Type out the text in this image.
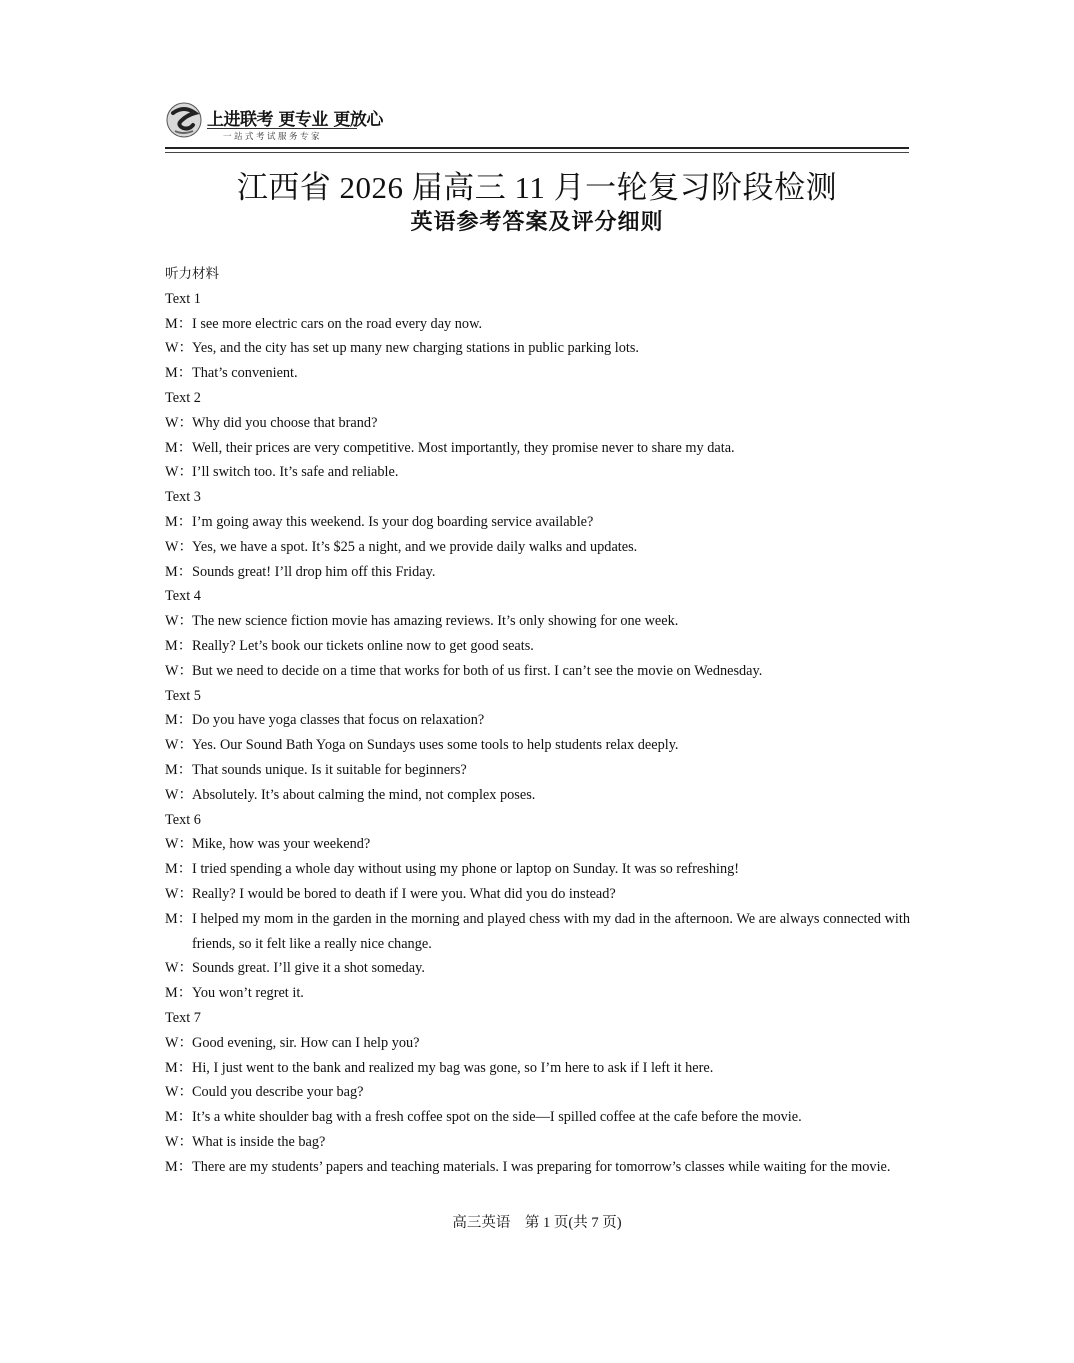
上进联考 更专业 更放心
一站式考试服务专家
江西省 2026 届高三 11 月一轮复习阶段检测
英语参考答案及评分细则
听力材料
Text 1
M： I see more electric cars on the road every day now.
W： Yes, and the city has set up many new charging stations in public parking lots.
M： That’s convenient.
Text 2
W： Why did you choose that brand?
M： Well, their prices are very competitive. Most importantly, they promise never to share my data.
W： I’ll switch too. It’s safe and reliable.
Text 3
M： I’m going away this weekend. Is your dog boarding service available?
W： Yes, we have a spot. It’s $25 a night, and we provide daily walks and updates.
M： Sounds great! I’ll drop him off this Friday.
Text 4
W： The new science fiction movie has amazing reviews. It’s only showing for one week.
M： Really? Let’s book our tickets online now to get good seats.
W： But we need to decide on a time that works for both of us first. I can’t see the movie on Wednesday.
Text 5
M： Do you have yoga classes that focus on relaxation?
W： Yes. Our Sound Bath Yoga on Sundays uses some tools to help students relax deeply.
M： That sounds unique. Is it suitable for beginners?
W： Absolutely. It’s about calming the mind, not complex poses.
Text 6
W： Mike, how was your weekend?
M： I tried spending a whole day without using my phone or laptop on Sunday. It was so refreshing!
W： Really? I would be bored to death if I were you. What did you do instead?
M： I helped my mom in the garden in the morning and played chess with my dad in the afternoon. We are always connected with friends, so it felt like a really nice change.
W： Sounds great. I’ll give it a shot someday.
M： You won’t regret it.
Text 7
W： Good evening, sir. How can I help you?
M： Hi, I just went to the bank and realized my bag was gone, so I’m here to ask if I left it here.
W： Could you describe your bag?
M： It’s a white shoulder bag with a fresh coffee spot on the side—I spilled coffee at the cafe before the movie.
W： What is inside the bag?
M： There are my students’ papers and teaching materials. I was preparing for tomorrow’s classes while waiting for the movie.
高三英语　第 1 页(共 7 页)
